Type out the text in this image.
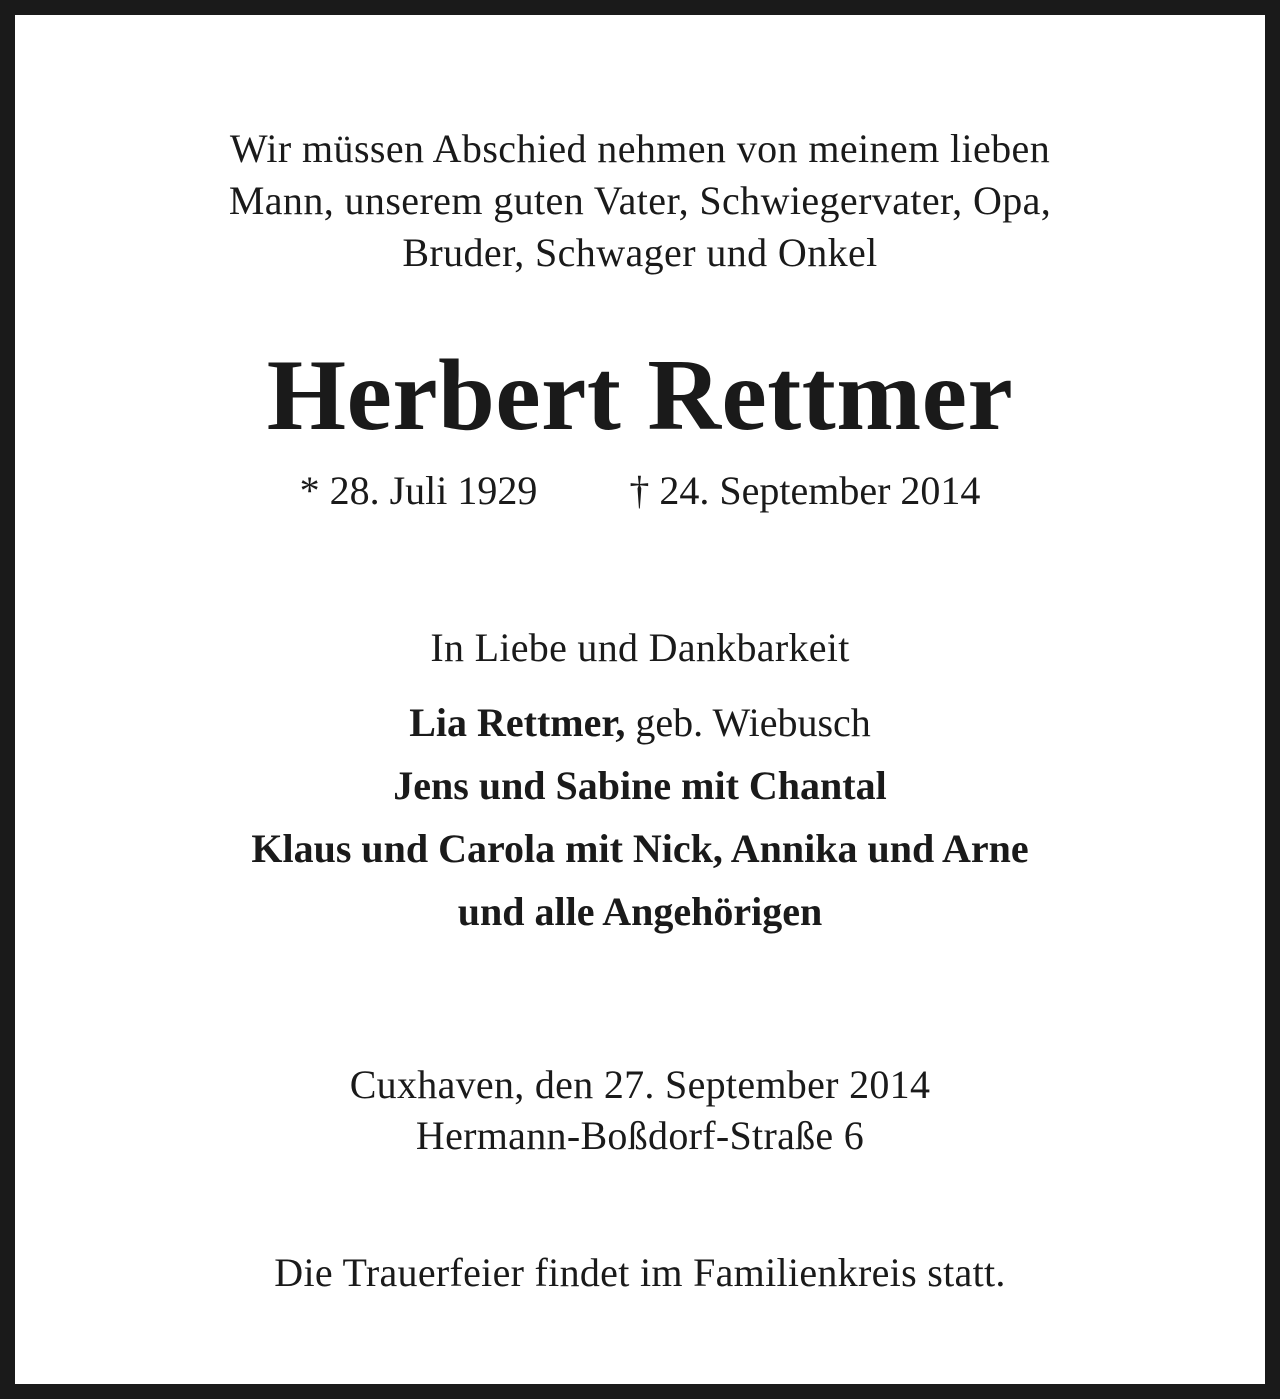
Wir müssen Abschied nehmen von meinem lieben

Mann, unserem guten Vater, Schwiegervater, Opa,

Bruder, Schwager und Onkel

Herbert Rettmer

* 28. Juli 1929 † 24. September 2014

In Liebe und Dankbarkeit

Lia Rettmer, geb. Wiebusch

Jens und Sabine mit Chantal

Klaus und Carola mit Nick, Annika und Arne

und alle Angehörigen

Cuxhaven, den 27. September 2014

Hermann-Boßdorf-Straße 6

Die Trauerfeier findet im Familienkreis statt.
